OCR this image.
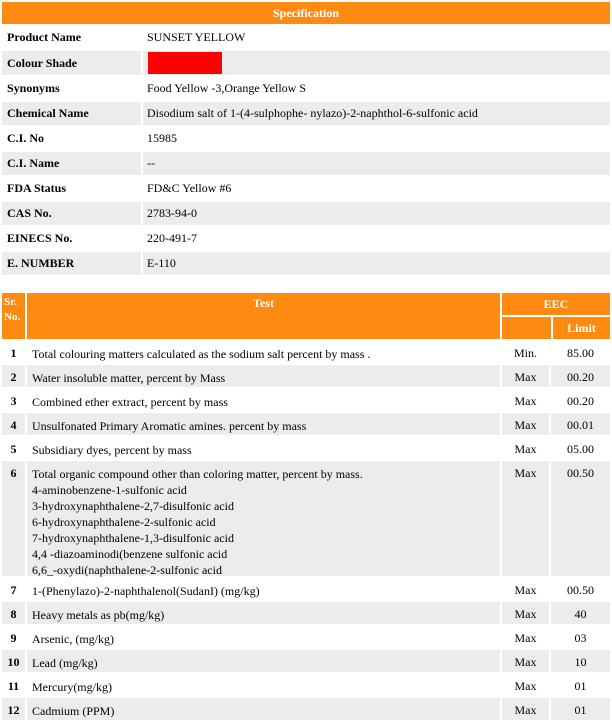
Specification
Product Name	SUNSET YELLOW
Colour Shade
Synonyms	Food Yellow -3,Orange Yellow S
Chemical Name	Disodium salt of 1-(4-sulphophe- nylazo)-2-naphthol-6-sulfonic acid
C.I. No	15985
C.I. Name	--
FDA Status	FD&C Yellow #6
CAS No.	2783-94-0
EINECS No.	220-491-7
E. NUMBER	E-110
Sr. No.
Test	EEC
Limit
1	Total colouring matters calculated as the sodium salt percent by mass .	Min.	85.00
2	Water insoluble matter, percent by Mass	Max	00.20
3	Combined ether extract, percent by mass	Max	00.20
4	Unsulfonated Primary Aromatic amines. percent by mass	Max	00.01
5	Subsidiary dyes, percent by mass	Max	05.00
6	Total organic compound other than coloring matter, percent by mass.
4-aminobenzene-1-sulfonic acid
3-hydroxynaphthalene-2,7-disulfonic acid
6-hydroxynaphthalene-2-sulfonic acid
7-hydroxynaphthalene-1,3-disulfonic acid
4,4 -diazoaminodi(benzene sulfonic acid
6,6_-oxydi(naphthalene-2-sulfonic acid
Max	00.50
7	1-(Phenylazo)-2-naphthalenol(SudanI) (mg/kg)	Max	00.50
8	Heavy metals as pb(mg/kg)	Max	40
9	Arsenic, (mg/kg)	Max	03
10	Lead (mg/kg)	Max	10
11	Mercury(mg/kg)	Max	01
12	Cadmium (PPM)	Max	01
